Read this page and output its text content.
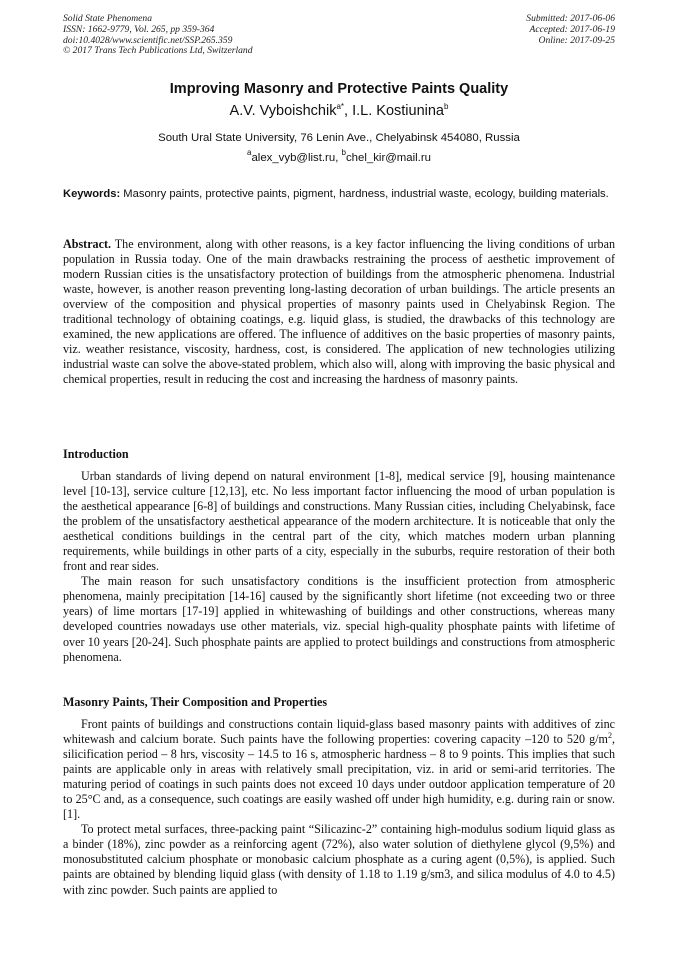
Solid State Phenomena
ISSN: 1662-9779, Vol. 265, pp 359-364
doi:10.4028/www.scientific.net/SSP.265.359
© 2017 Trans Tech Publications Ltd, Switzerland
Submitted: 2017-06-06
Accepted: 2017-06-19
Online: 2017-09-25
Improving Masonry and Protective Paints Quality
A.V. Vyboishchik$^{a*}$, I.L. Kostiunina$^b$
South Ural State University, 76 Lenin Ave., Chelyabinsk 454080, Russia
$^a$alex_vyb@list.ru, $^b$chel_kir@mail.ru
Keywords: Masonry paints, protective paints, pigment, hardness, industrial waste, ecology, building materials.

Abstract. The environment, along with other reasons, is a key factor influencing the living conditions of urban population in Russia today. One of the main drawbacks restraining the process of aesthetic improvement of modern Russian cities is the unsatisfactory protection of buildings from the atmospheric phenomena. Industrial waste, however, is another reason preventing long-lasting decoration of urban buildings. The article presents an overview of the composition and physical properties of masonry paints used in Chelyabinsk Region. The traditional technology of obtaining coatings, e.g. liquid glass, is studied, the drawbacks of this technology are examined, the new applications are offered. The influence of additives on the basic properties of masonry paints, viz. weather resistance, viscosity, hardness, cost, is considered. The application of new technologies utilizing industrial waste can solve the above-stated problem, which also will, along with improving the basic physical and chemical properties, result in reducing the cost and increasing the hardness of masonry paints.

Introduction

Urban standards of living depend on natural environment [1-8], medical service [9], housing maintenance level [10-13], service culture [12,13], etc. No less important factor influencing the mood of urban population is the aesthetical appearance [6-8] of buildings and constructions. Many Russian cities, including Chelyabinsk, face the problem of the unsatisfactory aesthetical appearance of the modern architecture. It is noticeable that only the aesthetical conditions buildings in the central part of the city, which matches modern urban planning requirements, while buildings in other parts of a city, especially in the suburbs, require restoration of their both front and rear sides.

The main reason for such unsatisfactory conditions is the insufficient protection from atmospheric phenomena, mainly precipitation [14-16] caused by the significantly short lifetime (not exceeding two or three years) of lime mortars [17-19] applied in whitewashing of buildings and other constructions, whereas many developed countries nowadays use other materials, viz. special high-quality phosphate paints with lifetime of over 10 years [20-24]. Such phosphate paints are applied to protect buildings and constructions from atmospheric phenomena.

Masonry Paints, Their Composition and Properties

Front paints of buildings and constructions contain liquid-glass based masonry paints with additives of zinc whitewash and calcium borate. Such paints have the following properties: covering capacity –120 to 520 $g/m^2$, silicification period – 8 hrs, viscosity – 14.5 to 16 s, atmospheric hardness – 8 to 9 points. This implies that such paints are applicable only in areas with relatively small precipitation, viz. in arid or semi-arid territories. The maturing period of coatings in such paints does not exceed 10 days under outdoor application temperature of 20 to 25°C and, as a consequence, such coatings are easily washed off under high humidity, e.g. during rain or snow. [1].

To protect metal surfaces, three-packing paint “Silicazinc-2” containing high-modulus sodium liquid glass as a binder (18%), zinc powder as a reinforcing agent (72%), also water solution of diethylene glycol (9,5%) and monosubstituted calcium phosphate or monobasic calcium phosphate as a curing agent (0,5%), is applied. Such paints are obtained by blending liquid glass (with density of 1.18 to 1.19 g/sm3, and silica modulus of 4.0 to 4.5) with zinc powder. Such paints are applied to
